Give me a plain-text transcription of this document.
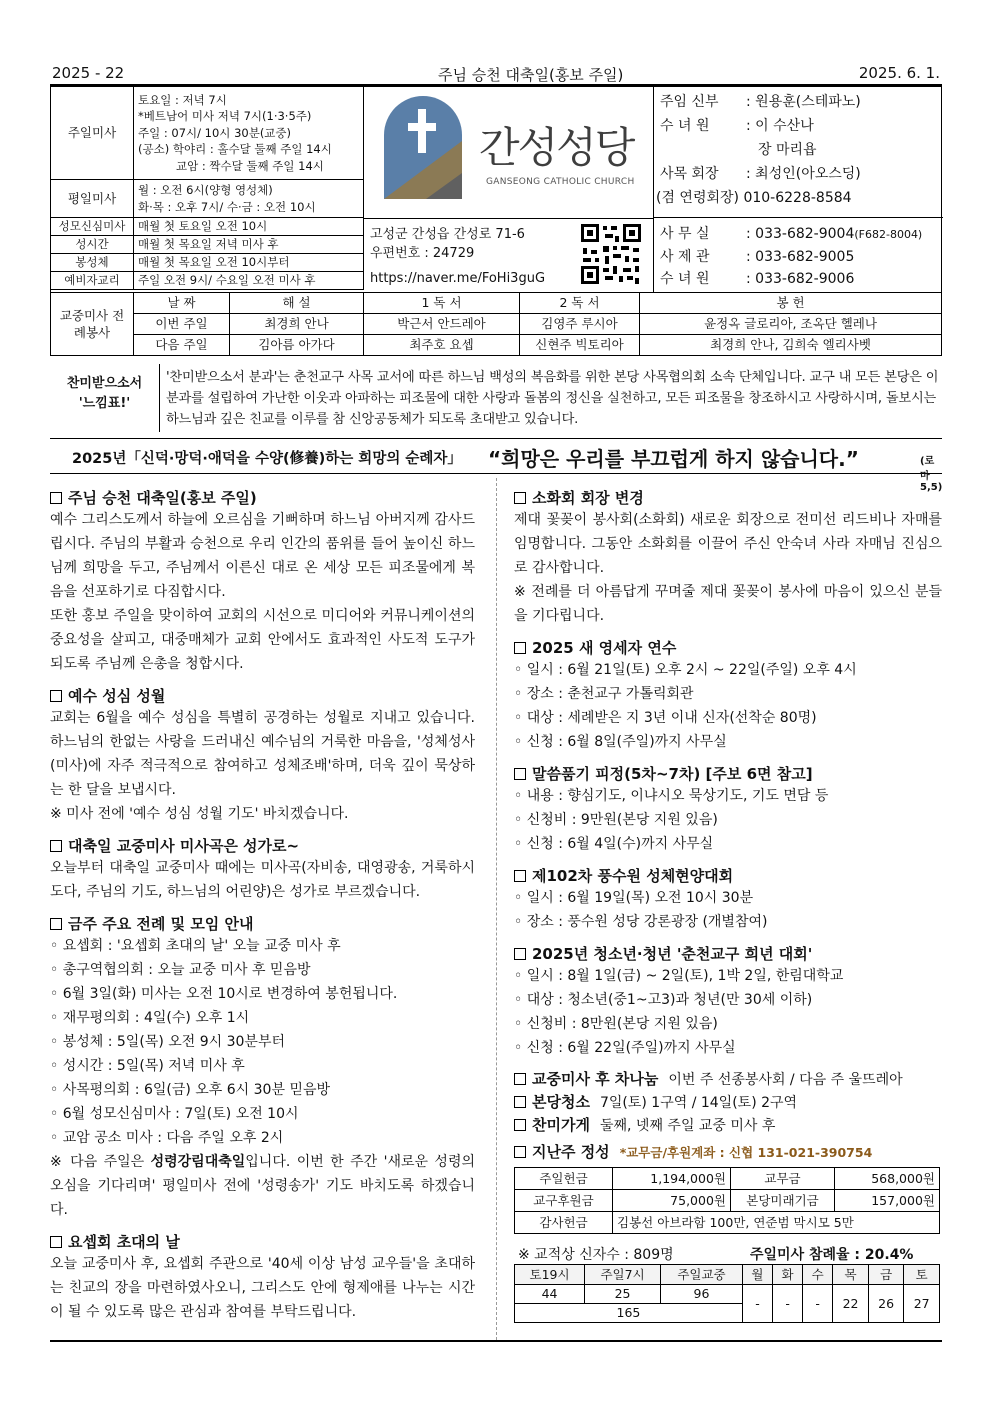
2025 - 22	주님 승천 대축일(홍보 주일)	2025. 6. 1.
주일미사	토요일 : 저녁 7시
*베트남어 미사 저녁 7시(1·3·5주)
주일 : 07시/ 10시 30분(교중)
(공소) 학야리 : 홀수달 둘째 주일 14시
교암 : 짝수달 둘째 주일 14시

평일미사	월 : 오전 6시(양형 영성체)
화·목 : 오후 7시/ 수·금 : 오전 10시

성모신심미사	매월 첫 토요일 오전 10시
성시간	매월 첫 목요일 저녁 미사 후
봉성체	매월 첫 목요일 오전 10시부터
예비자교리	주일 오전 9시/ 수요일 오전 미사 후
간성성당
GANSEONG CATHOLIC CHURCH
고성군 간성읍 간성로 71-6
우편번호 : 24729
https://naver.me/FoHi3guG
주임 신부 : 원용훈(스테파노)
수 녀 원	: 이 수산나
장 마리욥
사목 회장 : 최성인(아오스딩)
(겸 연령회장) 010-6228-8584
사 무 실	: 033-682-9004(F682-8004)
사 제 관	: 033-682-9005
수 녀 원	: 033-682-9006
교중미사 전례봉사	날 짜	해 설	1 독 서	2 독 서	봉 헌
	이번 주일	최경희 안나	박근서 안드레아	김영주 루시아	윤정옥 글로리아, 조옥단 헬레나
	다음 주일	김아름 아가다	최주호 요셉	신현주 빅토리아	최경희 안나, 김희숙 엘리사벳
찬미받으소서
'느낌표!'
'찬미받으소서 분과'는 춘천교구 사목 교서에 따른 하느님 백성의 복음화를 위한 본당 사목협의회 소속 단체입니다. 교구 내 모든 본당은 이 분과를 설립하여 가난한 이웃과 아파하는 피조물에 대한 사랑과 돌봄의 정신을 실천하고, 모든 피조물을 창조하시고 사랑하시며, 돌보시는 하느님과 깊은 친교를 이루를 참 신앙공동체가 되도록 초대받고 있습니다.
2025년「신덕·망덕·애덕을 수양(修養)하는 희망의 순례자」 “희망은 우리를 부끄럽게 하지 않습니다.”	(로마 5,5)
주님 승천 대축일(홍보 주일)

예수 그리스도께서 하늘에 오르심을 기뻐하며 하느님 아버지께 감사드립시다. 주님의 부활과 승천으로 우리 인간의 품위를 들어 높이신 하느님께 희망을 두고, 주님께서 이른신 대로 온 세상 모든 피조물에게 복음을 선포하기로 다짐합시다.

또한 홍보 주일을 맞이하여 교회의 시선으로 미디어와 커뮤니케이션의 중요성을 살피고, 대중매체가 교회 안에서도 효과적인 사도적 도구가 되도록 주님께 은총을 청합시다.

예수 성심 성월

교회는 6월을 예수 성심을 특별히 공경하는 성월로 지내고 있습니다. 하느님의 한없는 사랑을 드러내신 예수님의 거룩한 마음을, '성체성사(미사)에 자주 적극적으로 참여하고 성체조배'하며, 더욱 깊이 묵상하는 한 달을 보냅시다.

※ 미사 전에 '예수 성심 성월 기도' 바치겠습니다.

대축일 교중미사 미사곡은 성가로~

오늘부터 대축일 교중미사 때에는 미사곡(자비송, 대영광송, 거룩하시도다, 주님의 기도, 하느님의 어린양)은 성가로 부르겠습니다.

금주 주요 전례 및 모임 안내
◦ 요셉회 : '요셉회 초대의 날' 오늘 교중 미사 후
◦ 총구역협의회 : 오늘 교중 미사 후 믿음방
◦ 6월 3일(화) 미사는 오전 10시로 변경하여 봉헌됩니다.
◦ 재무평의회 : 4일(수) 오후 1시
◦ 봉성체 : 5일(목) 오전 9시 30분부터
◦ 성시간 : 5일(목) 저녁 미사 후
◦ 사목평의회 : 6일(금) 오후 6시 30분 믿음방
◦ 6월 성모신심미사 : 7일(토) 오전 10시
◦ 교암 공소 미사 : 다음 주일 오후 2시

※ 다음 주일은 성령강림대축일입니다. 이번 한 주간 '새로운 성령의 오심을 기다리며' 평일미사 전에 '성령송가' 기도 바치도록 하겠습니다.

요셉회 초대의 날

오늘 교중미사 후, 요셉회 주관으로 '40세 이상 남성 교우들'을 초대하는 친교의 장을 마련하였사오니, 그리스도 안에 형제애를 나누는 시간이 될 수 있도록 많은 관심과 참여를 부탁드립니다.

소화회 회장 변경

제대 꽃꽂이 봉사회(소화회) 새로운 회장으로 전미선 리드비나 자매를 임명합니다. 그동안 소화회를 이끌어 주신 안숙녀 사라 자매님 진심으로 감사합니다.

※ 전례를 더 아름답게 꾸며줄 제대 꽃꽂이 봉사에 마음이 있으신 분들을 기다립니다.

2025 새 영세자 연수
◦ 일시 : 6월 21일(토) 오후 2시 ~ 22일(주일) 오후 4시
◦ 장소 : 춘천교구 가톨릭회관
◦ 대상 : 세례받은 지 3년 이내 신자(선착순 80명)
◦ 신청 : 6월 8일(주일)까지 사무실
말씀품기 피정(5차~7차) [주보 6면 참고]
◦ 내용 : 향심기도, 이냐시오 묵상기도, 기도 면담 등
◦ 신청비 : 9만원(본당 지원 있음)
◦ 신청 : 6월 4일(수)까지 사무실
제102차 풍수원 성체현양대회
◦ 일시 : 6월 19일(목) 오전 10시 30분
◦ 장소 : 풍수원 성당 강론광장 (개별참여)
2025년 청소년·청년 '춘천교구 희년 대회'
◦ 일시 : 8월 1일(금) ~ 2일(토), 1박 2일, 한림대학교
◦ 대상 : 청소년(중1~고3)과 청년(만 30세 이하)
◦ 신청비 : 8만원(본당 지원 있음)
◦ 신청 : 6월 22일(주일)까지 사무실
교중미사 후 차나눔 이번 주 선종봉사회 / 다음 주 울뜨레아
본당청소 7일(토) 1구역 / 14일(토) 2구역
찬미가게 둘째, 넷째 주일 교중 미사 후
지난주 정성 *교무금/후원계좌 : 신협 131-021-390754
주일헌금	1,194,000원	교무금	568,000원
교구후원금	75,000원	본당미래기금	157,000원
감사헌금	김봉선 아브라함 100만, 연준범 막시모 5만		
※ 교적상 신자수 : 809명	주일미사 참례율 : 20.4%
토19시	주일7시	주일교중	월	화	수	목	금	토
44	25	96	-	-	-	22	26	27
165								
